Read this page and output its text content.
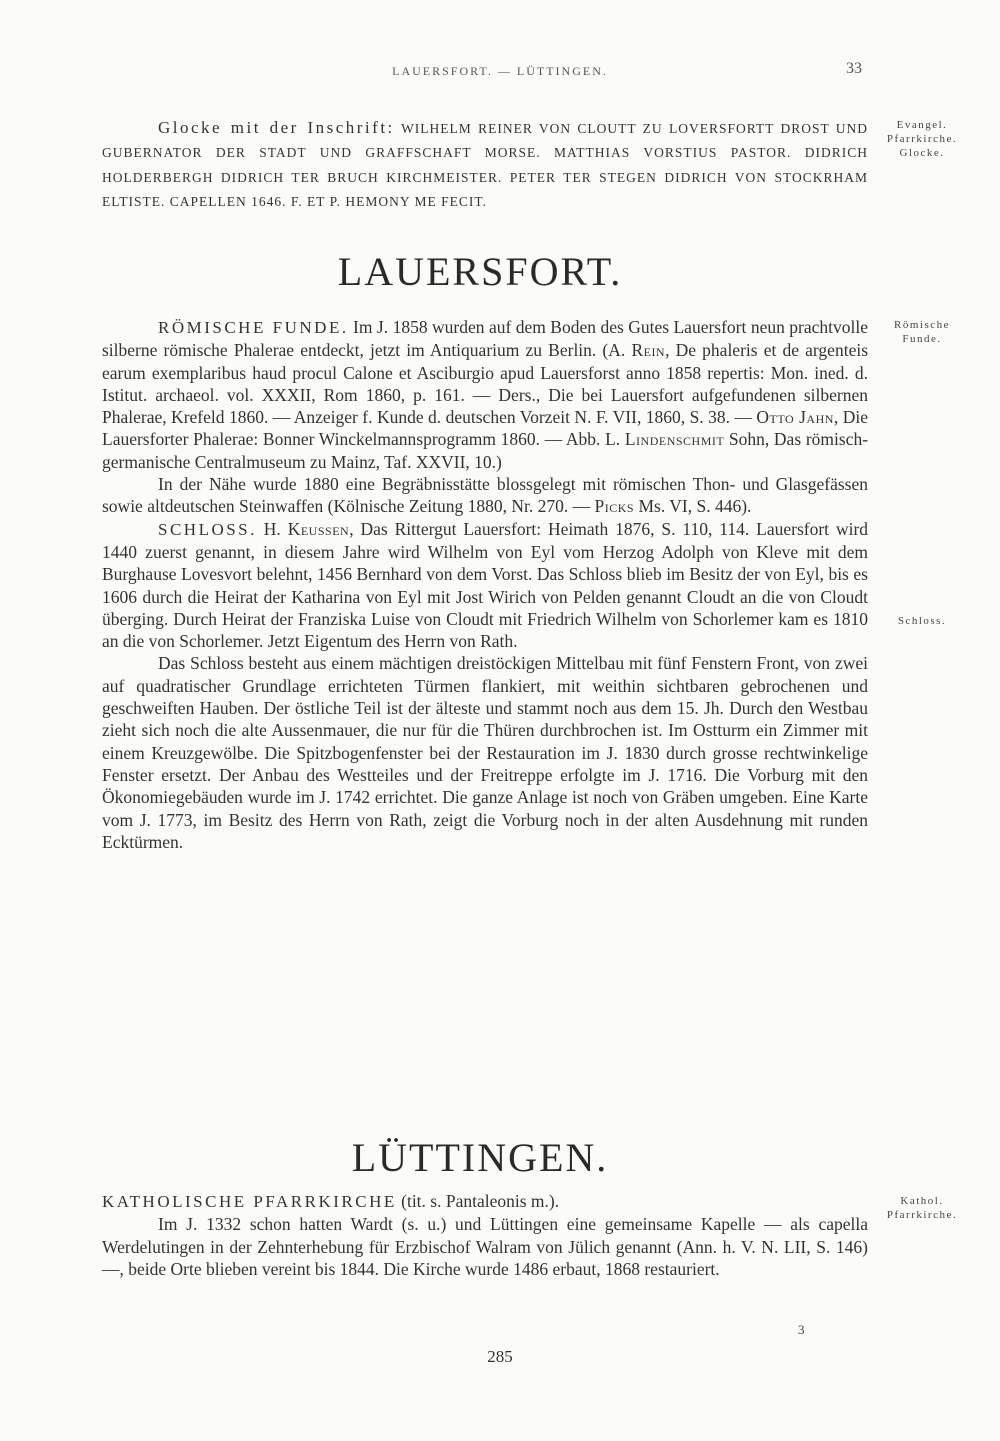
LAUERSFORT. — LÜTTINGEN.	33

Glocke mit der Inschrift: WILHELM REINER VON CLOUTT ZU LOVERSFORTT DROST UND GUBERNATOR DER STADT UND GRAFFSCHAFT MORSE. MATTHIAS VORSTIUS PASTOR. DIDRICH HOLDERBERGH DIDRICH TER BRUCH KIRCHMEISTER. PETER TER STEGEN DIDRICH VON STOCKRHAM ELTISTE. CAPELLEN 1646. F. ET P. HEMONY ME FECIT.

Evangel.
Pfarrkirche.
Glocke.
LAUERSFORT.
Römische
Funde.

RÖMISCHE FUNDE. Im J. 1858 wurden auf dem Boden des Gutes Lauersfort neun prachtvolle silberne römische Phalerae entdeckt, jetzt im Antiquarium zu Berlin. (A. Rein, De phaleris et de argenteis earum exemplaribus haud procul Calone et Asciburgio apud Lauersforst anno 1858 repertis: Mon. ined. d. Istitut. archaeol. vol. XXXII, Rom 1860, p. 161. — Ders., Die bei Lauersfort aufgefundenen silbernen Phalerae, Krefeld 1860. — Anzeiger f. Kunde d. deutschen Vorzeit N. F. VII, 1860, S. 38. — Otto Jahn, Die Lauersforter Phalerae: Bonner Winckelmannsprogramm 1860. — Abb. L. Lindenschmit Sohn, Das römisch-germanische Centralmuseum zu Mainz, Taf. XXVII, 10.)

In der Nähe wurde 1880 eine Begräbnisstätte blossgelegt mit römischen Thon- und Glasgefässen sowie altdeutschen Steinwaffen (Kölnische Zeitung 1880, Nr. 270. — Picks Ms. VI, S. 446).

SCHLOSS. H. Keussen, Das Rittergut Lauersfort: Heimath 1876, S. 110, 114. Lauersfort wird 1440 zuerst genannt, in diesem Jahre wird Wilhelm von Eyl vom Herzog Adolph von Kleve mit dem Burghause Lovesvort belehnt, 1456 Bernhard von dem Vorst. Das Schloss blieb im Besitz der von Eyl, bis es 1606 durch die Heirat der Katharina von Eyl mit Jost Wirich von Pelden genannt Cloudt an die von Cloudt überging. Durch Heirat der Franziska Luise von Cloudt mit Friedrich Wilhelm von Schorlemer kam es 1810 an die von Schorlemer. Jetzt Eigentum des Herrn von Rath.

Das Schloss besteht aus einem mächtigen dreistöckigen Mittelbau mit fünf Fenstern Front, von zwei auf quadratischer Grundlage errichteten Türmen flankiert, mit weithin sichtbaren gebrochenen und geschweiften Hauben. Der östliche Teil ist der älteste und stammt noch aus dem 15. Jh. Durch den Westbau zieht sich noch die alte Aussenmauer, die nur für die Thüren durchbrochen ist. Im Ostturm ein Zimmer mit einem Kreuzgewölbe. Die Spitzbogenfenster bei der Restauration im J. 1830 durch grosse rechtwinkelige Fenster ersetzt. Der Anbau des Westteiles und der Freitreppe erfolgte im J. 1716. Die Vorburg mit den Ökonomiegebäuden wurde im J. 1742 errichtet. Die ganze Anlage ist noch von Gräben umgeben. Eine Karte vom J. 1773, im Besitz des Herrn von Rath, zeigt die Vorburg noch in der alten Ausdehnung mit runden Ecktürmen.

Schloss.
LÜTTINGEN.
Kathol.
Pfarrkirche.

KATHOLISCHE PFARRKIRCHE (tit. s. Pantaleonis m.).

Im J. 1332 schon hatten Wardt (s. u.) und Lüttingen eine gemeinsame Kapelle — als capella Werdelutingen in der Zehnterhebung für Erzbischof Walram von Jülich genannt (Ann. h. V. N. LII, S. 146) —, beide Orte blieben vereint bis 1844. Die Kirche wurde 1486 erbaut, 1868 restauriert.

3
285
